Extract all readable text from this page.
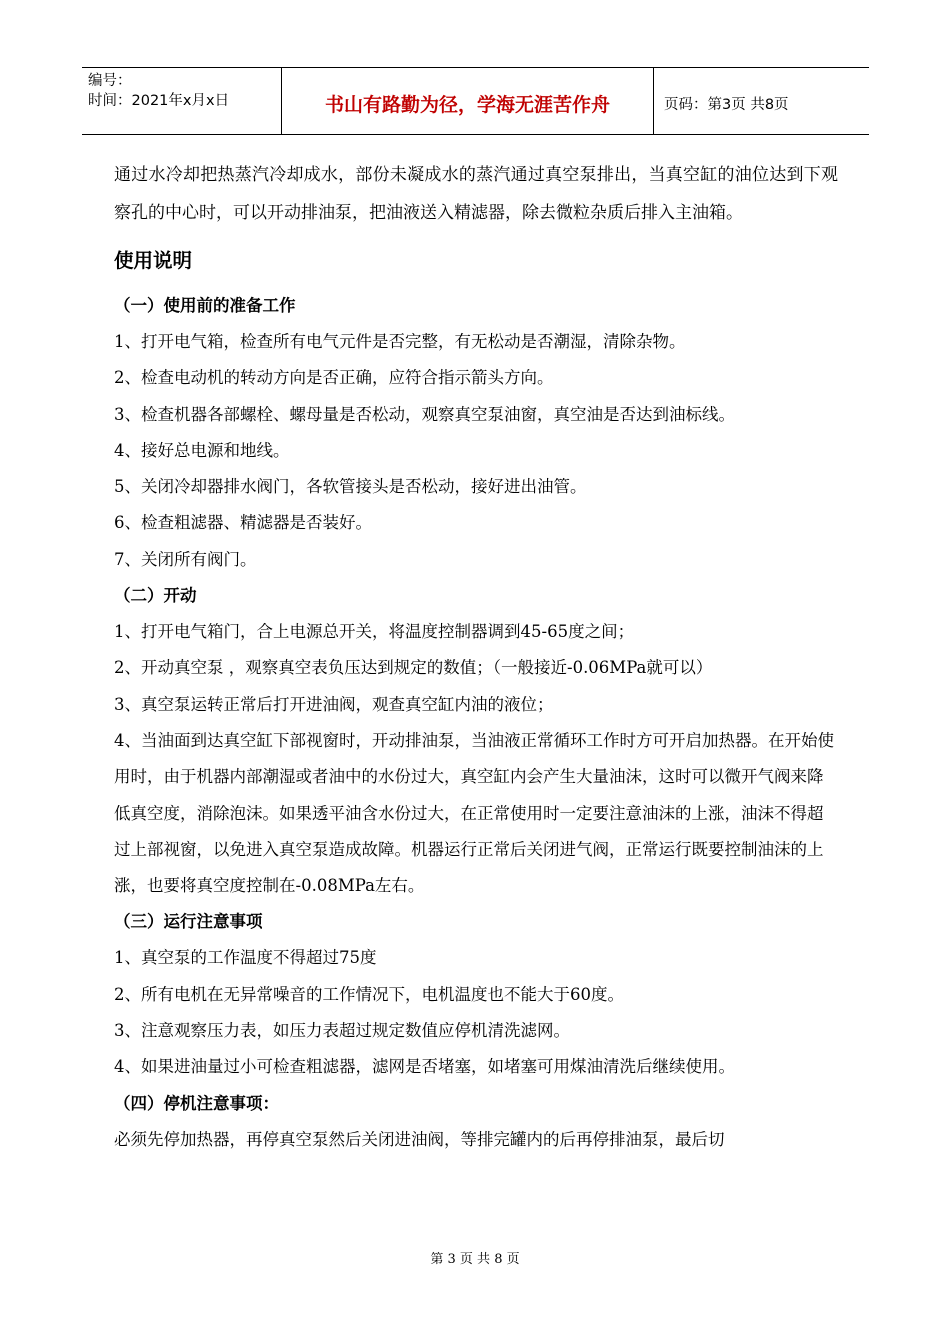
编号：
时间：2021年x月x日	书山有路勤为径，学海无涯苦作舟	页码：第3页 共8页

通过水冷却把热蒸汽冷却成水，部份未凝成水的蒸汽通过真空泵排出，当真空缸的油位达到下观察孔的中心时，可以开动排油泵，把油液送入精滤器，除去微粒杂质后排入主油箱。

使用说明

（一）使用前的准备工作

1、打开电气箱，检查所有电气元件是否完整，有无松动是否潮湿，清除杂物。

2、检查电动机的转动方向是否正确，应符合指示箭头方向。

3、检查机器各部螺栓、螺母量是否松动，观察真空泵油窗，真空油是否达到油标线。

4、接好总电源和地线。

5、关闭冷却器排水阀门，各软管接头是否松动，接好进出油管。

6、检查粗滤器、精滤器是否装好。

7、关闭所有阀门。

（二）开动

1、打开电气箱门，合上电源总开关，将温度控制器调到45-65度之间；

2、开动真空泵 ，观察真空表负压达到规定的数值；（一般接近-0.06MPa就可以）

3、真空泵运转正常后打开进油阀，观查真空缸内油的液位；

4、当油面到达真空缸下部视窗时，开动排油泵，当油液正常循环工作时方可开启加热器。在开始使用时，由于机器内部潮湿或者油中的水份过大，真空缸内会产生大量油沫，这时可以微开气阀来降低真空度，消除泡沫。如果透平油含水份过大，在正常使用时一定要注意油沫的上涨，油沫不得超过上部视窗，以免进入真空泵造成故障。机器运行正常后关闭进气阀，正常运行既要控制油沫的上涨，也要将真空度控制在-0.08MPa左右。

（三）运行注意事项

1、真空泵的工作温度不得超过75度

2、所有电机在无异常噪音的工作情况下，电机温度也不能大于60度。

3、注意观察压力表，如压力表超过规定数值应停机清洗滤网。

4、如果进油量过小可检查粗滤器，滤网是否堵塞，如堵塞可用煤油清洗后继续使用。

（四）停机注意事项：

必须先停加热器，再停真空泵然后关闭进油阀，等排完罐内的后再停排油泵，最后切

第 3 页 共 8 页
